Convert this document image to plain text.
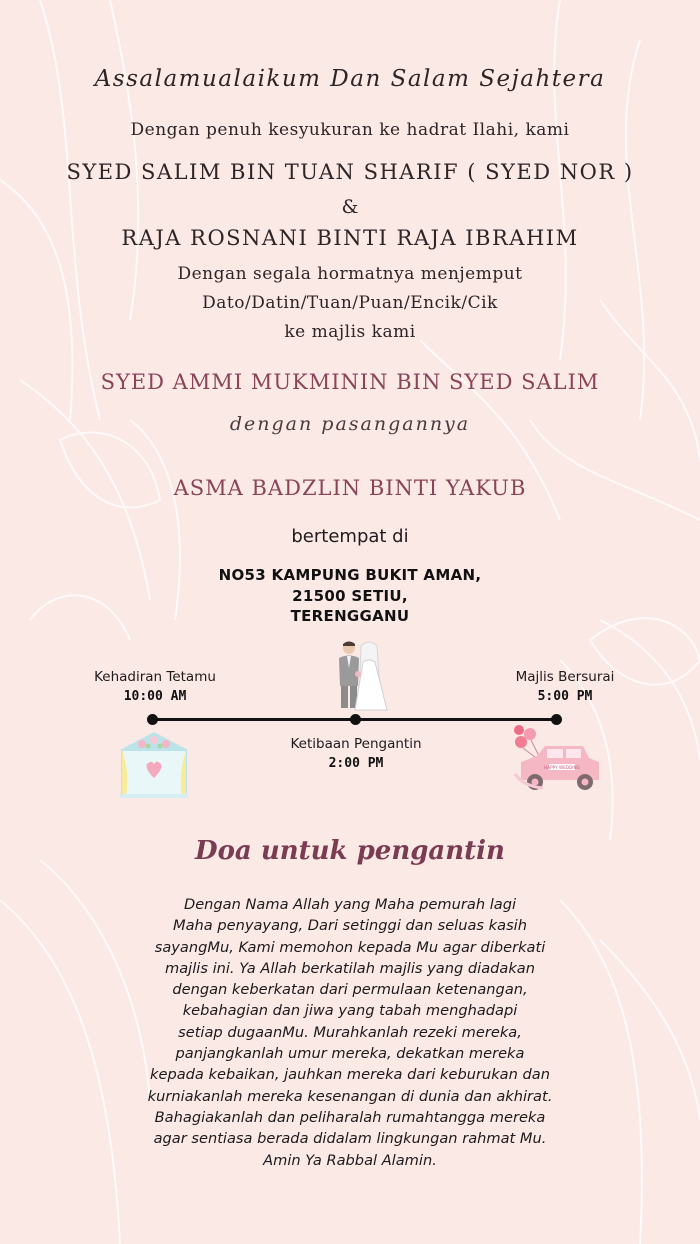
Assalamualaikum Dan Salam Sejahtera
Dengan penuh kesyukuran ke hadrat Ilahi, kami
SYED SALIM BIN TUAN SHARIF ( SYED NOR )
&
RAJA ROSNANI BINTI RAJA IBRAHIM
Dengan segala hormatnya menjemput
Dato/Datin/Tuan/Puan/Encik/Cik
ke majlis kami
SYED AMMI MUKMININ BIN SYED SALIM
dengan pasangannya
ASMA BADZLIN BINTI YAKUB
bertempat di
NO53 KAMPUNG BUKIT AMAN,
21500 SETIU,
TERENGGANU
Kehadiran Tetamu
10:00 AM
Ketibaan Pengantin
2:00 PM
Majlis Bersurai
5:00 PM
HAPPY WEDDING
Doa untuk pengantin
Dengan Nama Allah yang Maha pemurah lagi
Maha penyayang, Dari setinggi dan seluas kasih
sayangMu, Kami memohon kepada Mu agar diberkati
majlis ini. Ya Allah berkatilah majlis yang diadakan
dengan keberkatan dari permulaan ketenangan,
kebahagian dan jiwa yang tabah menghadapi
setiap dugaanMu. Murahkanlah rezeki mereka,
panjangkanlah umur mereka, dekatkan mereka
kepada kebaikan, jauhkan mereka dari keburukan dan
kurniakanlah mereka kesenangan di dunia dan akhirat.
Bahagiakanlah dan peliharalah rumahtangga mereka
agar sentiasa berada didalam lingkungan rahmat Mu.
Amin Ya Rabbal Alamin.
